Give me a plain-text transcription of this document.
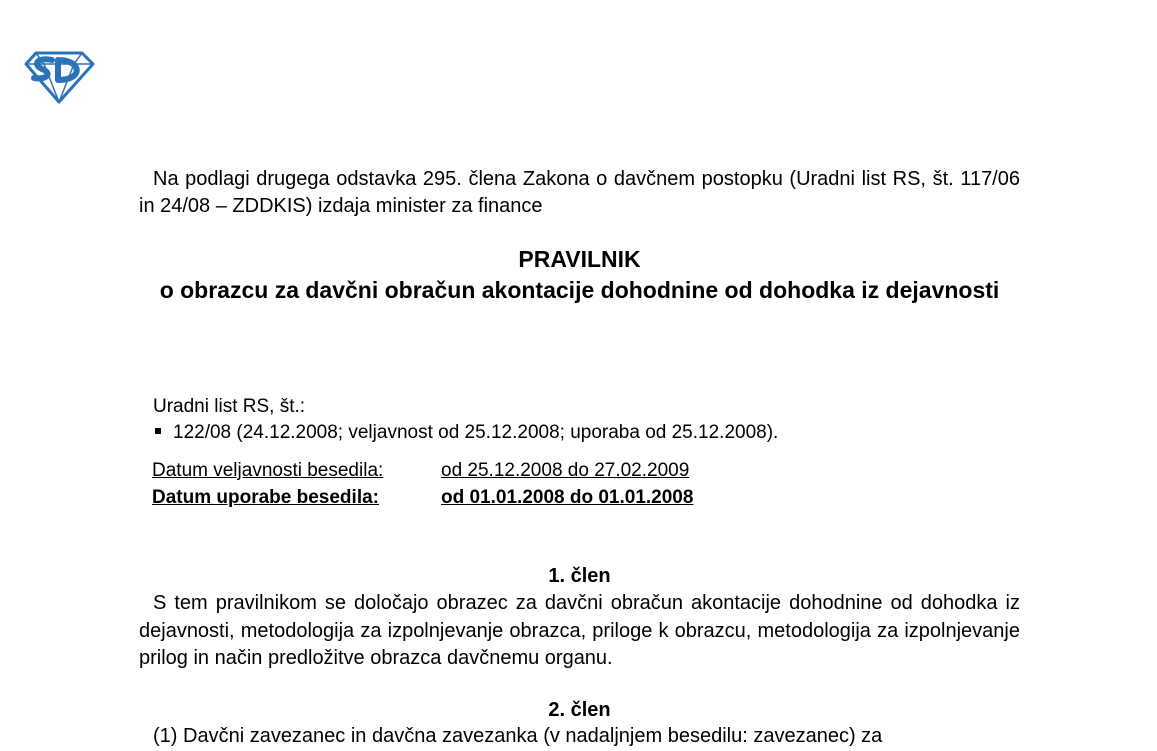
Na podlagi drugega odstavka 295. člena Zakona o davčnem postopku (Uradni list RS, št. 117/06 in 24/08 – ZDDKIS) izdaja minister za finance

PRAVILNIK
o obrazcu za davčni obračun akontacije dohodnine od dohodka iz dejavnosti
Uradni list RS, št.:
122/08 (24.12.2008; veljavnost od 25.12.2008; uporaba od 25.12.2008).
Datum veljavnosti besedila:	od 25.12.2008 do 27.02.2009
Datum uporabe besedila:	od 01.01.2008 do 01.01.2008
1. člen

S tem pravilnikom se določajo obrazec za davčni obračun akontacije dohodnine od dohodka iz dejavnosti, metodologija za izpolnjevanje obrazca, priloge k obrazcu, metodologija za izpolnjevanje prilog in način predložitve obrazca davčnemu organu.

2. člen

(1) Davčni zavezanec in davčna zavezanka (v nadaljnjem besedilu: zavezanec) za
